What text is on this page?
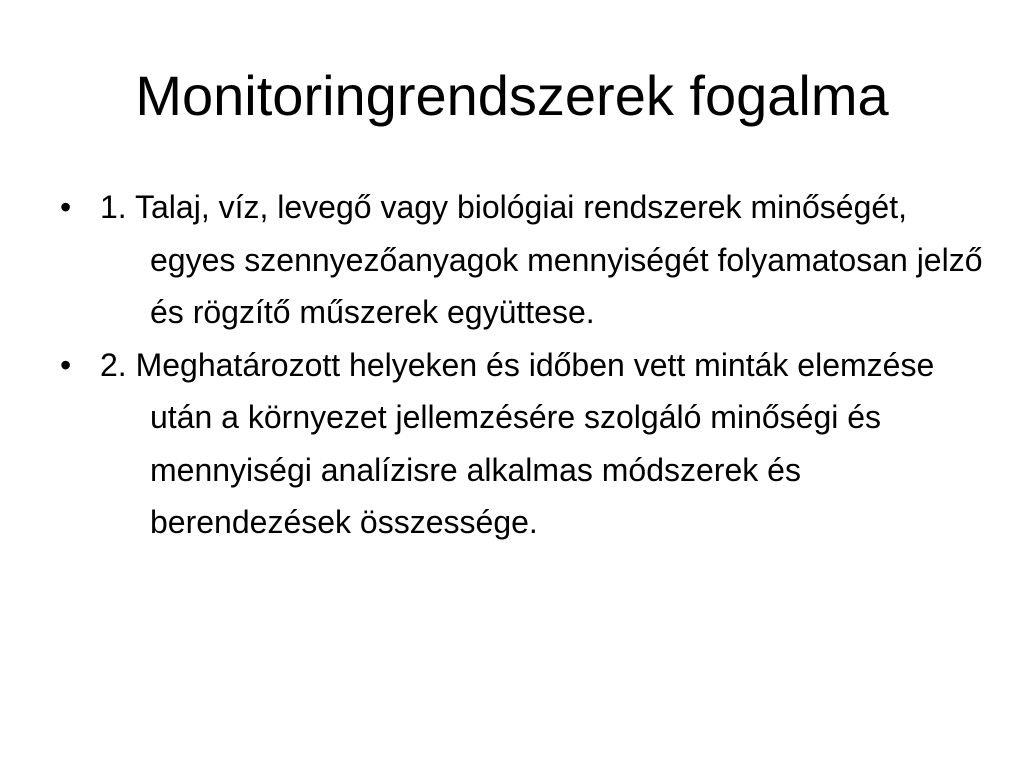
Monitoringrendszerek fogalma
• 1. Talaj, víz, levegő vagy biológiai rendszerek minőségét, egyes szennyezőanyagok mennyiségét folyamatosan jelző és rögzítő műszerek együttese.
• 2. Meghatározott helyeken és időben vett minták elemzése után a környezet jellemzésére szolgáló minőségi és mennyiségi analízisre alkalmas módszerek és berendezések összessége.
